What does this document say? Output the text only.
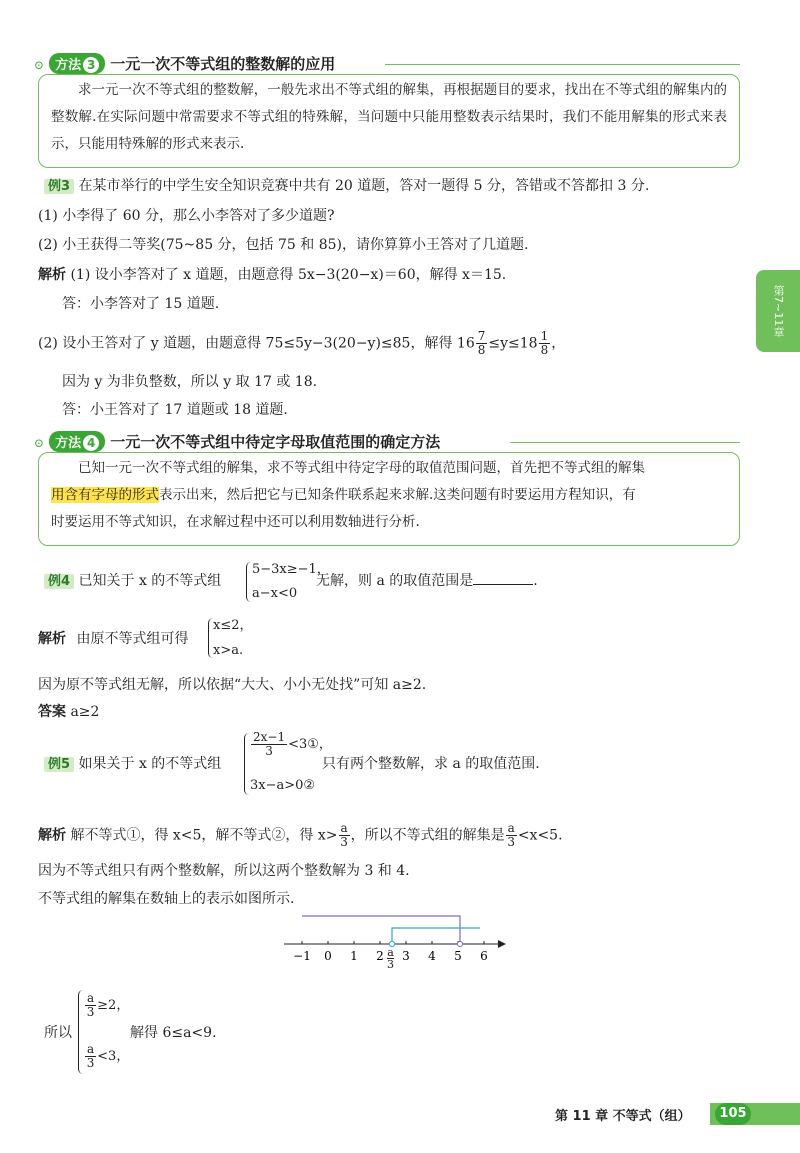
⊙ 方法 3 一元一次不等式组的整数解的应用

求一元一次不等式组的整数解，一般先求出不等式组的解集，再根据题目的要求，找出在不等式组的解集内的整数解.在实际问题中常需要求不等式组的特殊解，当问题中只能用整数表示结果时，我们不能用解集的形式来表示，只能用特殊解的形式来表示.

例3 在某市举行的中学生安全知识竞赛中共有 20 道题，答对一题得 5 分，答错或不答都扣 3 分.
(1) 小李得了 60 分，那么小李答对了多少道题?
(2) 小王获得二等奖(75~85 分，包括 75 和 85)，请你算算小王答对了几道题.
解析 (1) 设小李答对了 x 道题，由题意得 5x−3(20−x)＝60，解得 x＝15.
答：小李答对了 15 道题.
(2) 设小王答对了 y 道题，由题意得 75≤5y−3(20−y)≤85，解得 $16 \frac{7}{8} \le y\le 18 \frac{1}{8}$ ，
因为 y 为非负整数，所以 y 取 17 或 18.
答：小王答对了 17 道题或 18 道题.
⊙ 方法 4 一元一次不等式组中待定字母取值范围的确定方法

已知一元一次不等式组的解集，求不等式组中待定字母的取值范围问题，首先把不等式组的解集

用含有字母的形式表示出来，然后把它与已知条件联系起来求解.这类问题有时要运用方程知识，有

时要运用不等式知识，在求解过程中还可以利用数轴进行分析.

例4 已知关于 x 的不等式组
5−3x≥−1，
a−x<0
无解，则 a 的取值范围是	.
解析 由原不等式组可得
x≤2，
x>a.
因为原不等式组无解，所以依据“大大、小小无处找”可知 a≥2.
答案 a≥2
例5 如果关于 x 的不等式组
$\frac{2x-1}{3}$ <3①，
3x−a>0②
只有两个整数解，求 a 的取值范围.
解析 解不等式①，得 x<5，解不等式②，得 $x> \frac{a}{3}$ ，所以不等式组的解集是 $\frac{a}{3} <x<5$.
因为不等式组只有两个整数解，所以这两个整数解为 3 和 4.
不等式组的解集在数轴上的表示如图所示.
−1 0 1 2 3 4 5 6
a
3
所以
$\frac{a}{3} \ge 2$，
$\frac{a}{3} <3$，
解得 6≤a<9.
第7~11章
第 11 章 不等式（组）	105
